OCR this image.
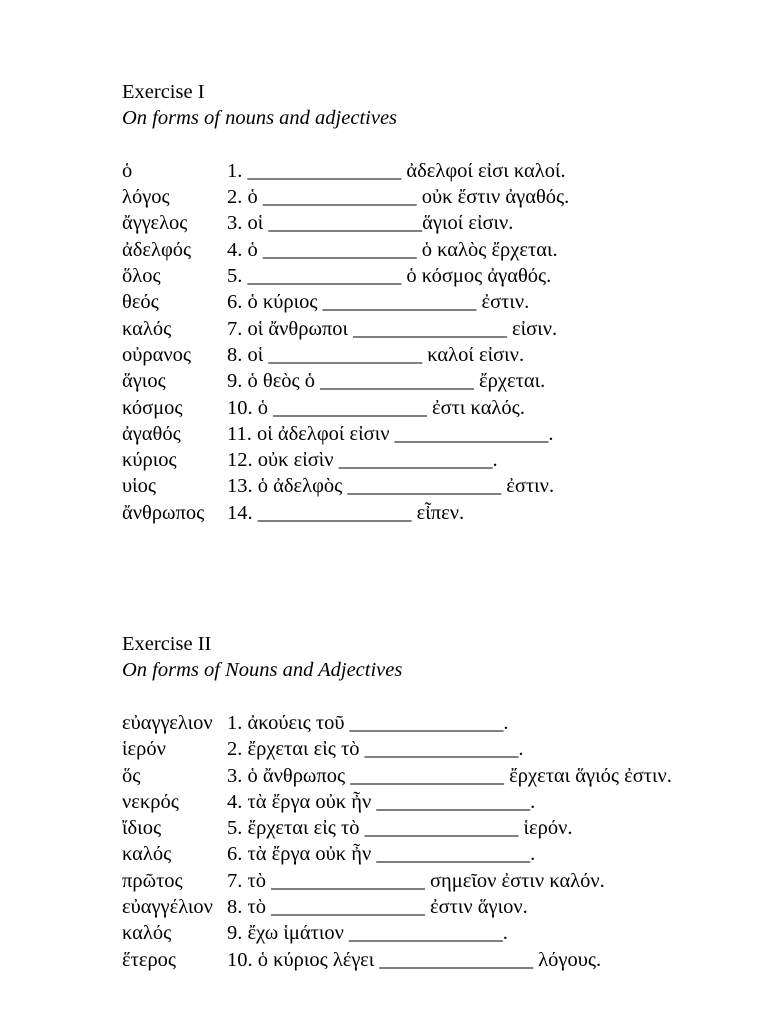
Exercise I
On forms of nouns and adjectives
ὁ	1. _______________ ἀδελφοί εἰσι καλοί.
λόγος	2. ὁ _______________ οὐκ ἔστιν ἀγαθός.
ἄγγελος	3. οἱ _______________ἅγιοί εἰσιν.
ἀδελφός	4. ὁ _______________ ὁ καλὸς ἔρχεται.
ὅλος	5. _______________ ὁ κόσμος ἀγαθός.
θεός	6. ὁ κύριος _______________ ἐστιν.
καλός	7. οἱ ἄνθρωποι _______________ εἰσιν.
οὐρανος	8. οἱ _______________ καλοί εἰσιν.
ἅγιος	9. ὁ θεὸς ὁ _______________ ἔρχεται.
κόσμος	10. ὁ _______________ ἐστι καλός.
ἀγαθός	11. οἱ ἀδελφοί εἰσιν _______________.
κύριος	12. οὐκ εἰσὶν _______________.
υἱος	13. ὁ ἀδελφὸς _______________ ἐστιν.
ἄνθρωπος	14. _______________ εἶπεν.
Exercise II
On forms of Nouns and Adjectives
εὐαγγελιον 1. ἀκούεις τοῦ _______________.
ἱερόν	2. ἔρχεται εἰς τὸ _______________.
ὅς	3. ὁ ἄνθρωπος _______________ ἔρχεται ἅγιός ἐστιν.
νεκρός	4. τὰ ἔργα οὐκ ἦν _______________.
ἴδιος	5. ἔρχεται εἰς τὸ _______________ ἱερόν.
καλός	6. τὰ ἔργα οὐκ ἦν _______________.
πρῶτος	7. τὸ _______________ σημεῖον ἐστιν καλόν.
εὐαγγέλιον 8. τὸ _______________ ἐστιν ἅγιον.
καλός	9. ἔχω ἱμάτιον _______________.
ἕτερος	10. ὁ κύριος λέγει _______________ λόγους.
